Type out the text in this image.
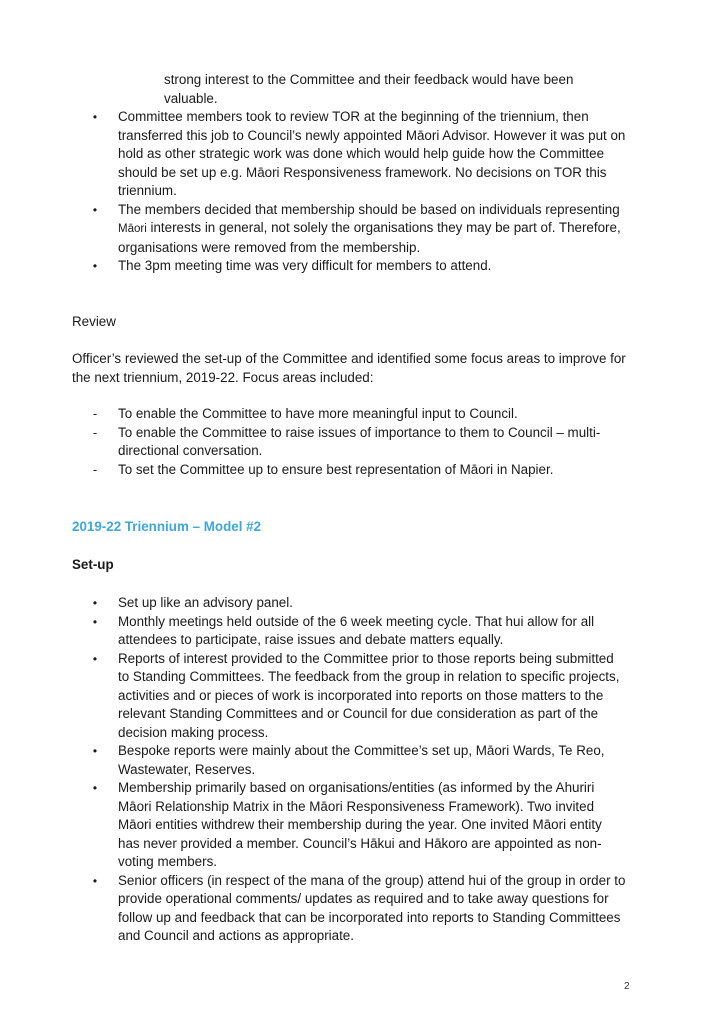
strong interest to the Committee and their feedback would have been

valuable.

•	Committee members took to review TOR at the beginning of the triennium, then
transferred this job to Council’s newly appointed Māori Advisor. However it was put on
hold as other strategic work was done which would help guide how the Committee
should be set up e.g. Māori Responsiveness framework. No decisions on TOR this
triennium.
•	The members decided that membership should be based on individuals representing
Māori interests in general, not solely the organisations they may be part of. Therefore,
organisations were removed from the membership.
•	The 3pm meeting time was very difficult for members to attend.

Review

Officer’s reviewed the set-up of the Committee and identified some focus areas to improve for

the next triennium, 2019-22. Focus areas included:

-	To enable the Committee to have more meaningful input to Council.
-	To enable the Committee to raise issues of importance to them to Council – multi-
directional conversation.
-	To set the Committee up to ensure best representation of Māori in Napier.

2019-22 Triennium – Model #2

Set-up

•	Set up like an advisory panel.
•	Monthly meetings held outside of the 6 week meeting cycle. That hui allow for all
attendees to participate, raise issues and debate matters equally.
•	Reports of interest provided to the Committee prior to those reports being submitted
to Standing Committees. The feedback from the group in relation to specific projects,
activities and or pieces of work is incorporated into reports on those matters to the
relevant Standing Committees and or Council for due consideration as part of the
decision making process.
•	Bespoke reports were mainly about the Committee’s set up, Māori Wards, Te Reo,
Wastewater, Reserves.
•	Membership primarily based on organisations/entities (as informed by the Ahuriri
Māori Relationship Matrix in the Māori Responsiveness Framework). Two invited
Māori entities withdrew their membership during the year. One invited Māori entity
has never provided a member. Council’s Hākui and Hākoro are appointed as non-
voting members.
•	Senior officers (in respect of the mana of the group) attend hui of the group in order to
provide operational comments/ updates as required and to take away questions for
follow up and feedback that can be incorporated into reports to Standing Committees
and Council and actions as appropriate.
2
